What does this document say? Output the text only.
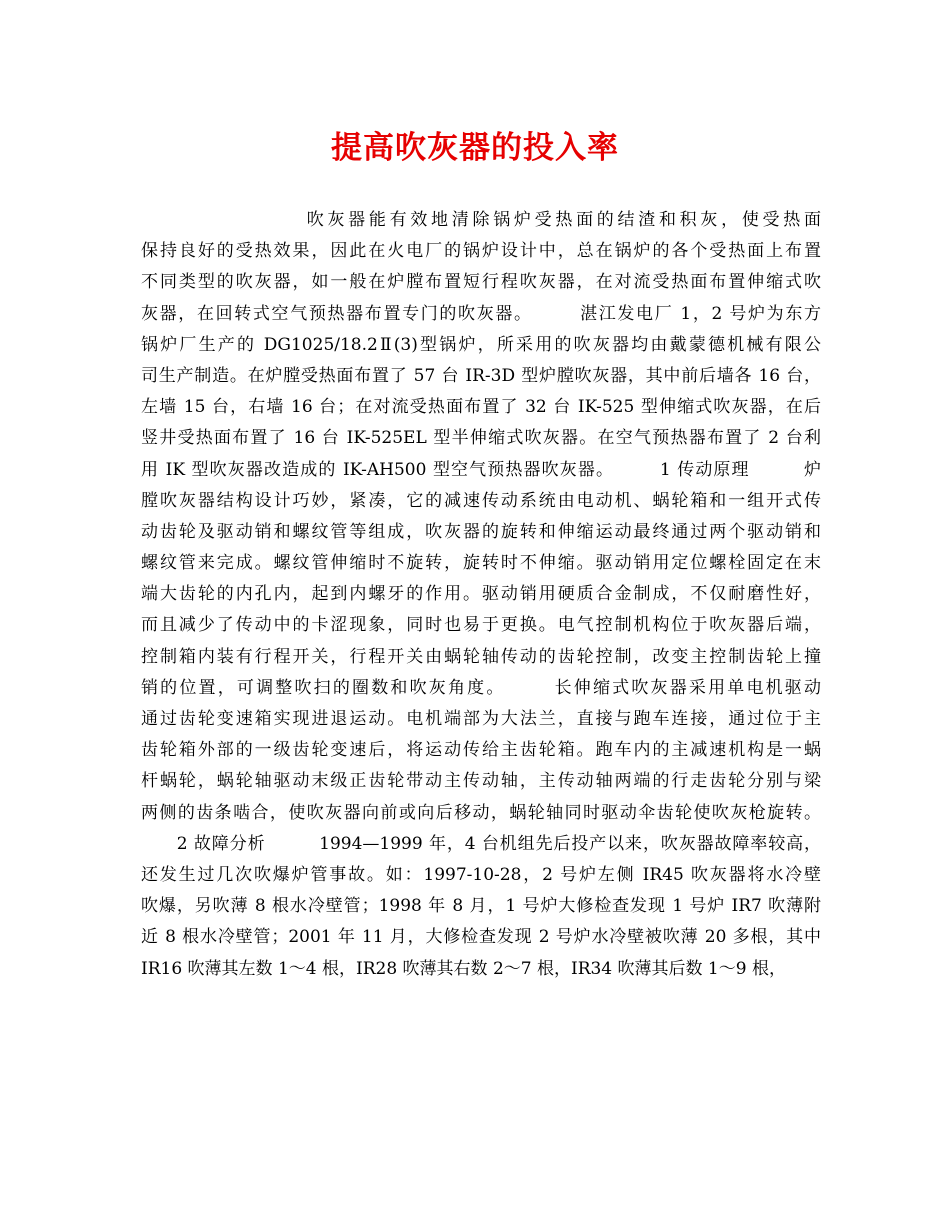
提高吹灰器的投入率
　　　　　　　　吹灰器能有效地清除锅炉受热面的结渣和积灰，使受热面
保持良好的受热效果，因此在火电厂的锅炉设计中，总在锅炉的各个受热面上布置
不同类型的吹灰器，如一般在炉膛布置短行程吹灰器，在对流受热面布置伸缩式吹
灰器，在回转式空气预热器布置专门的吹灰器。　　　湛江发电厂 1，2 号炉为东方
锅炉厂生产的 DG1025/18.2Ⅱ(3)型锅炉，所采用的吹灰器均由戴蒙德机械有限公
司生产制造。在炉膛受热面布置了 57 台 IR-3D 型炉膛吹灰器，其中前后墙各 16 台，
左墙 15 台，右墙 16 台；在对流受热面布置了 32 台 IK-525 型伸缩式吹灰器，在后
竖井受热面布置了 16 台 IK-525EL 型半伸缩式吹灰器。在空气预热器布置了 2 台利
用 IK 型吹灰器改造成的 IK-AH500 型空气预热器吹灰器。　　　1 传动原理　　　炉
膛吹灰器结构设计巧妙，紧凑，它的减速传动系统由电动机、蜗轮箱和一组开式传
动齿轮及驱动销和螺纹管等组成，吹灰器的旋转和伸缩运动最终通过两个驱动销和
螺纹管来完成。螺纹管伸缩时不旋转，旋转时不伸缩。驱动销用定位螺栓固定在末
端大齿轮的内孔内，起到内螺牙的作用。驱动销用硬质合金制成，不仅耐磨性好，
而且减少了传动中的卡涩现象，同时也易于更换。电气控制机构位于吹灰器后端，
控制箱内装有行程开关，行程开关由蜗轮轴传动的齿轮控制，改变主控制齿轮上撞
销的位置，可调整吹扫的圈数和吹灰角度。　　　长伸缩式吹灰器采用单电机驱动
通过齿轮变速箱实现进退运动。电机端部为大法兰，直接与跑车连接，通过位于主
齿轮箱外部的一级齿轮变速后，将运动传给主齿轮箱。跑车内的主减速机构是一蜗
杆蜗轮，蜗轮轴驱动末级正齿轮带动主传动轴，主传动轴两端的行走齿轮分别与梁
两侧的齿条啮合，使吹灰器向前或向后移动，蜗轮轴同时驱动伞齿轮使吹灰枪旋转。
　　2 故障分析　　　1994—1999 年，4 台机组先后投产以来，吹灰器故障率较高，
还发生过几次吹爆炉管事故。如：1997-10-28，2 号炉左侧 IR45 吹灰器将水冷壁
吹爆，另吹薄 8 根水冷壁管；1998 年 8 月，1 号炉大修检查发现 1 号炉 IR7 吹薄附
近 8 根水冷壁管；2001 年 11 月，大修检查发现 2 号炉水冷壁被吹薄 20 多根，其中
IR16 吹薄其左数 1～4 根，IR28 吹薄其右数 2～7 根，IR34 吹薄其后数 1～9 根，
